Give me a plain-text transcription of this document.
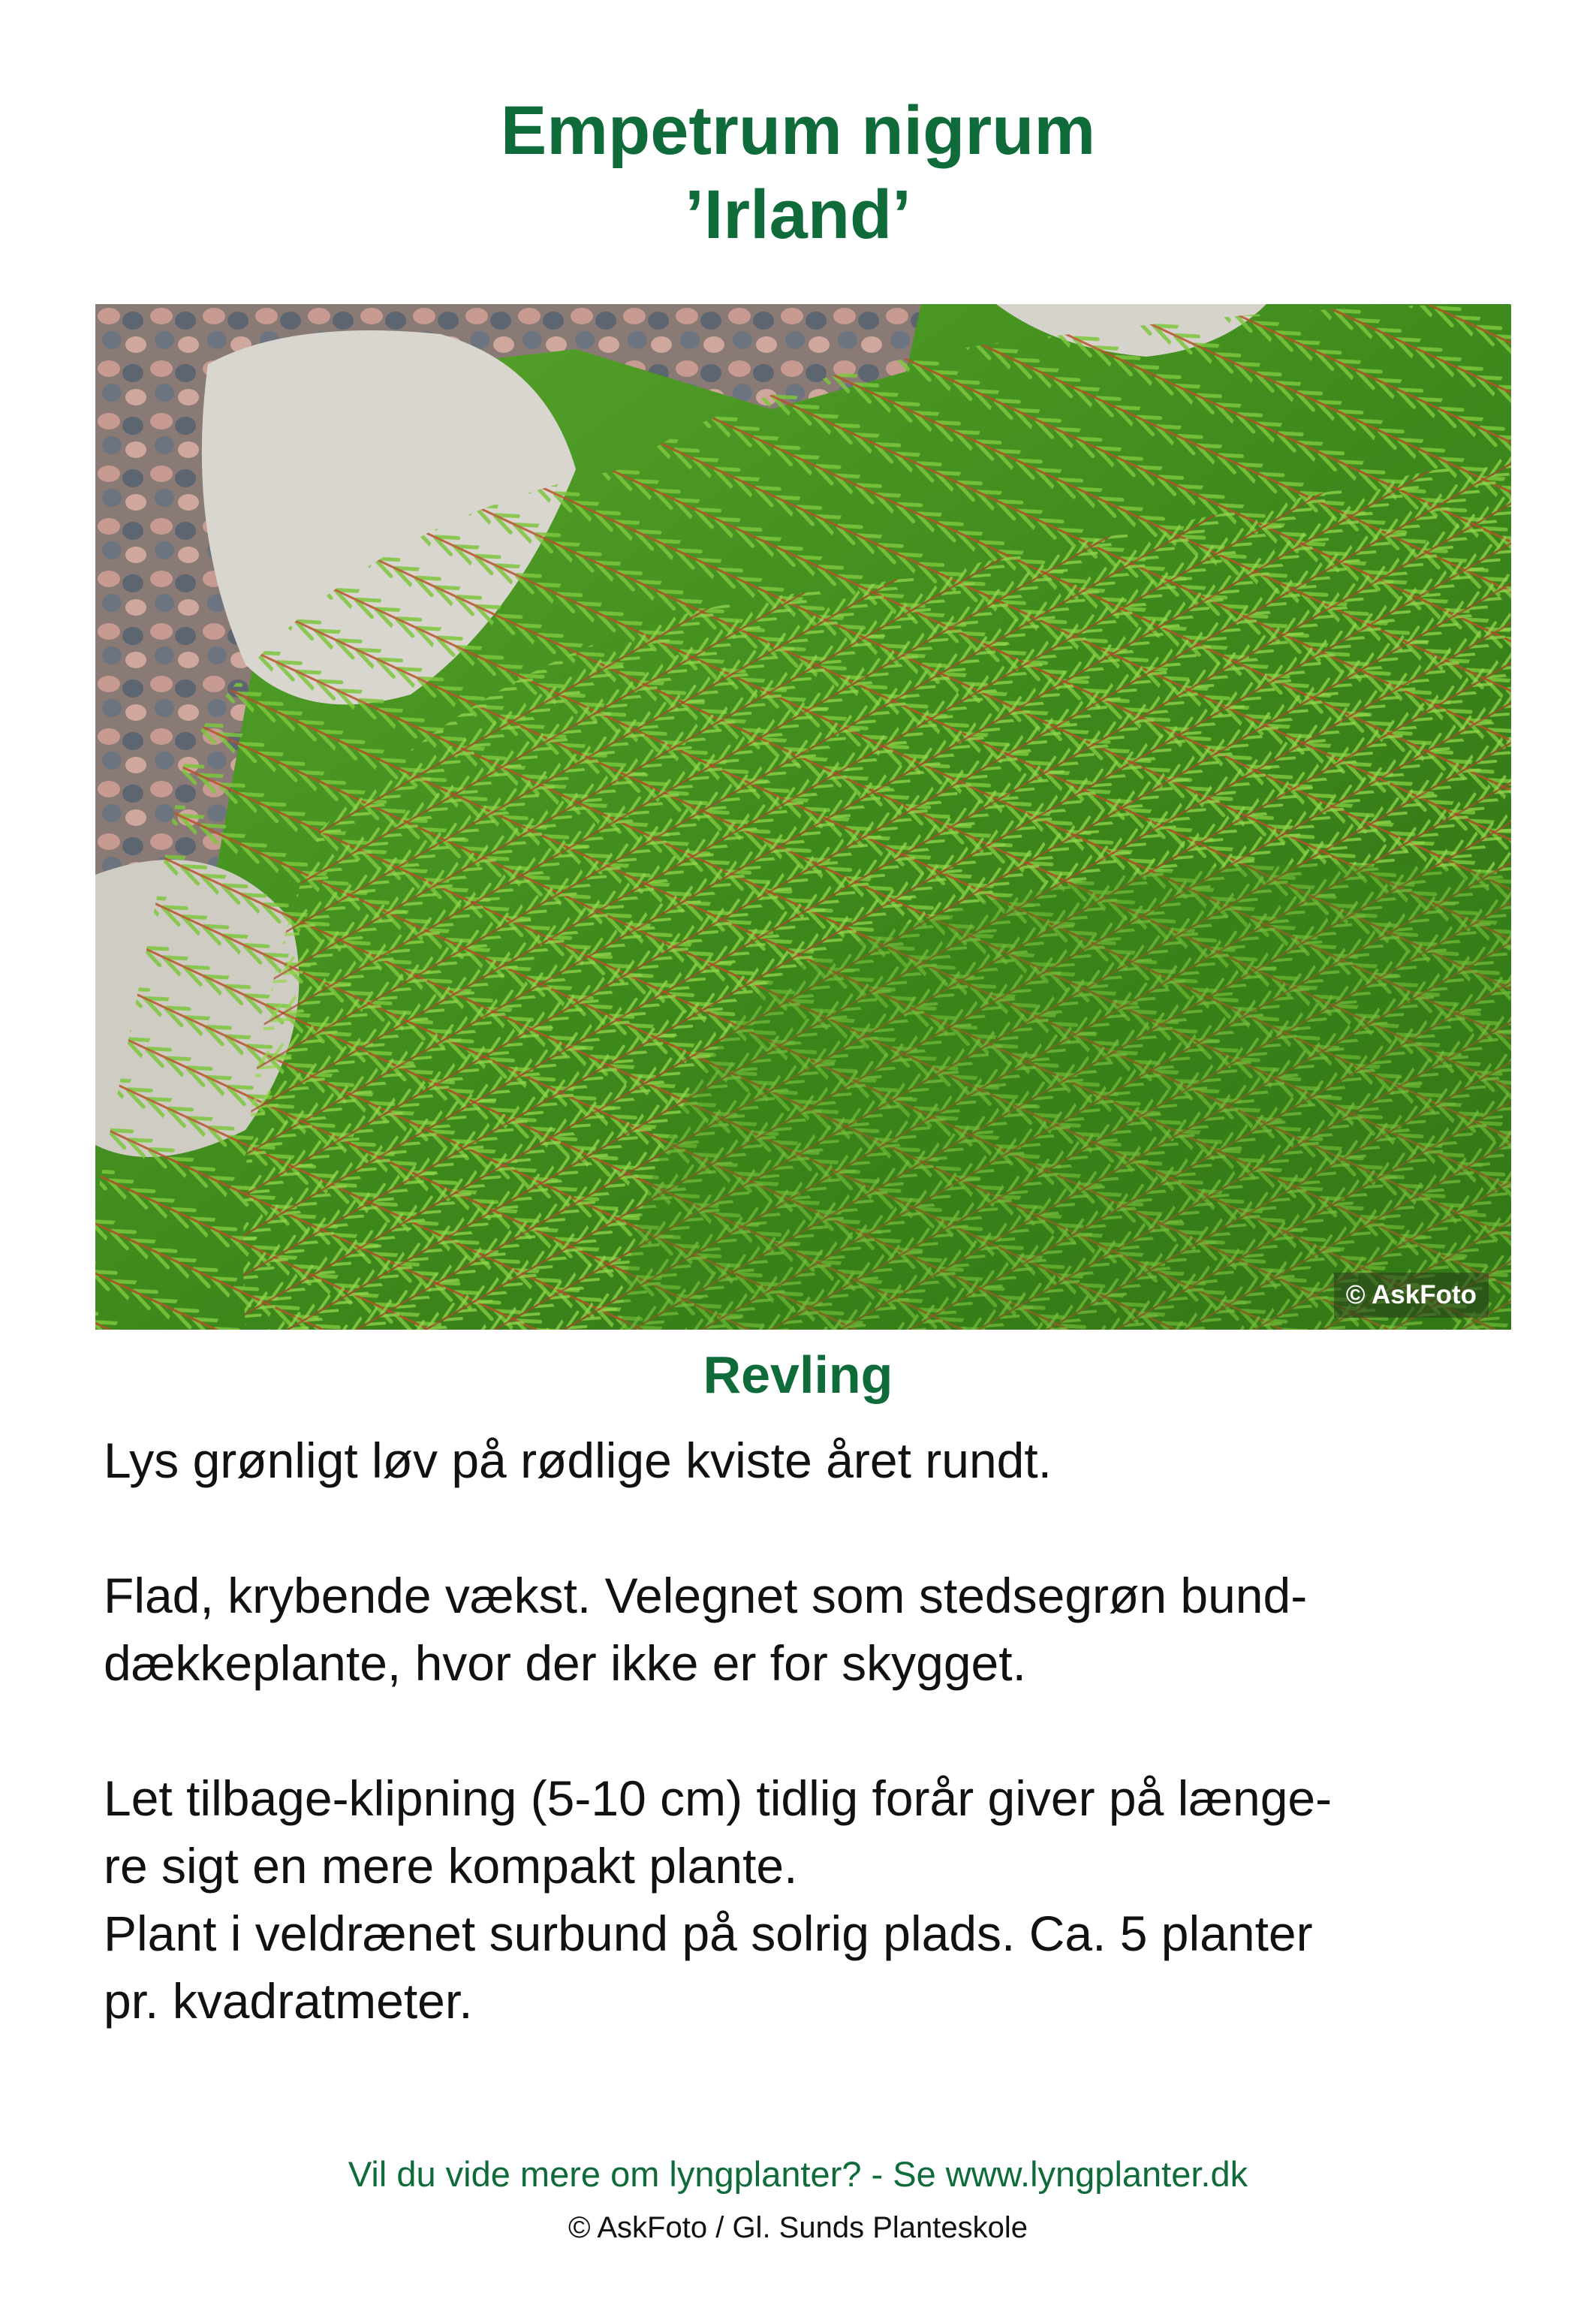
Empetrum nigrum
’Irland’
© AskFoto
Revling

Lys grønligt løv på rødlige kviste året rundt.

Flad, krybende vækst. Velegnet som stedsegrøn bund-
dækkeplante, hvor der ikke er for skygget.

Let tilbage-klipning (5-10 cm) tidlig forår giver på længe-
re sigt en mere kompakt plante.

Plant i veldrænet surbund på solrig plads. Ca. 5 planter
pr. kvadratmeter.

Vil du vide mere om lyngplanter? - Se www.lyngplanter.dk
© AskFoto / Gl. Sunds Planteskole
